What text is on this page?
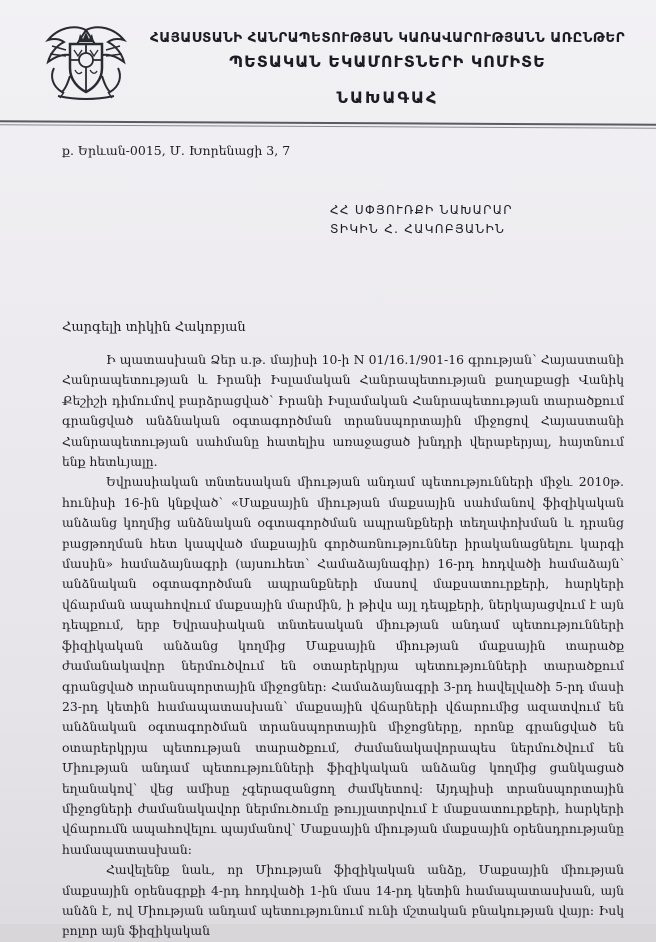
ՀԱՅԱՍՏԱՆԻ ՀԱՆՐԱՊԵՏՈՒԹՅԱՆ ԿԱՌԱՎԱՐՈՒԹՅԱՆՆ ԱՌԸՆԹԵՐ
ՊԵՏԱԿԱՆ ԵԿԱՄՈՒՏՆԵՐԻ ԿՈՄԻՏԵ
ՆԱԽԱԳԱՀ
ք. Երևան-0015, Մ. Խորենացի 3, 7
ՀՀ ՍՓՅՈՒՌՔԻ ՆԱԽԱՐԱՐ
ՏԻԿԻՆ Հ. ՀԱԿՈԲՅԱՆԻՆ
Հարգելի տիկին Հակոբյան

Ի պատասխան Ձեր ս.թ. մայիսի 10-ի N 01/16.1/901-16 գրության՝ Հայաստանի Հանրապետության և Իրանի Իսլամական Հանրապետության քաղաքացի Վանիկ Քեշիշի դիմումով բարձրացված՝ Իրանի Իսլամական Հանրապետության տարածքում գրանցված անձնական օգտագործման տրանսպորտային միջոցով Հայաստանի Հանրապետության սահմանը հատելիս առաջացած խնդրի վերաբերյալ, հայտնում ենք հետևյալը.

Եվրասիական տնտեսական միության անդամ պետությունների միջև 2010թ. հունիսի 16-ին կնքված՝ «Մաքսային միության մաքսային սահմանով ֆիզիկական անձանց կողմից անձնական օգտագործման ապրանքների տեղափոխման և դրանց բացթողման հետ կապված մաքսային գործառնություններ իրականացնելու կարգի մասին» համաձայնագրի (այսուհետ՝ Համաձայնագիր) 16-րդ հոդվածի համաձայն՝ անձնական օգտագործման ապրանքների մասով մաքսատուրքերի, հարկերի վճարման ապահովում մաքսային մարմին, ի թիվս այլ դեպքերի, ներկայացվում է այն դեպքում, երբ Եվրասիական տնտեսական միության անդամ պետությունների ֆիզիկական անձանց կողմից Մաքսային միության մաքսային տարածք ժամանակավոր ներմուծվում են օտարերկրյա պետությունների տարածքում գրանցված տրանսպորտային միջոցներ: Համաձայնագրի 3-րդ հավելվածի 5-րդ մասի 23-րդ կետին համապատասխան՝ մաքսային վճարների վճարումից ազատվում են անձնական օգտագործման տրանսպորտային միջոցները, որոնք գրանցված են օտարերկրյա պետության տարածքում, ժամանակավորապես ներմուծվում են Միության անդամ պետությունների ֆիզիկական անձանց կողմից ցանկացած եղանակով՝ վեց ամիսը չգերազանցող ժամկետով: Այդպիսի տրանսպորտային միջոցների ժամանակավոր ներմուծումը թույլատրվում է մաքսատուրքերի, հարկերի վճարումն ապահովելու պայմանով՝ Մաքսային միության մաքսային օրենսդրությանը համապատասխան:

Հավելենք նաև, որ Միության ֆիզիկական անձը, Մաքսային միության մաքսային օրենսգրքի 4-րդ հոդվածի 1-ին մաս 14-րդ կետին համապատասխան, այն անձն է, ով Միության անդամ պետությունում ունի մշտական բնակության վայր: Իսկ բոլոր այն ֆիզիկական
